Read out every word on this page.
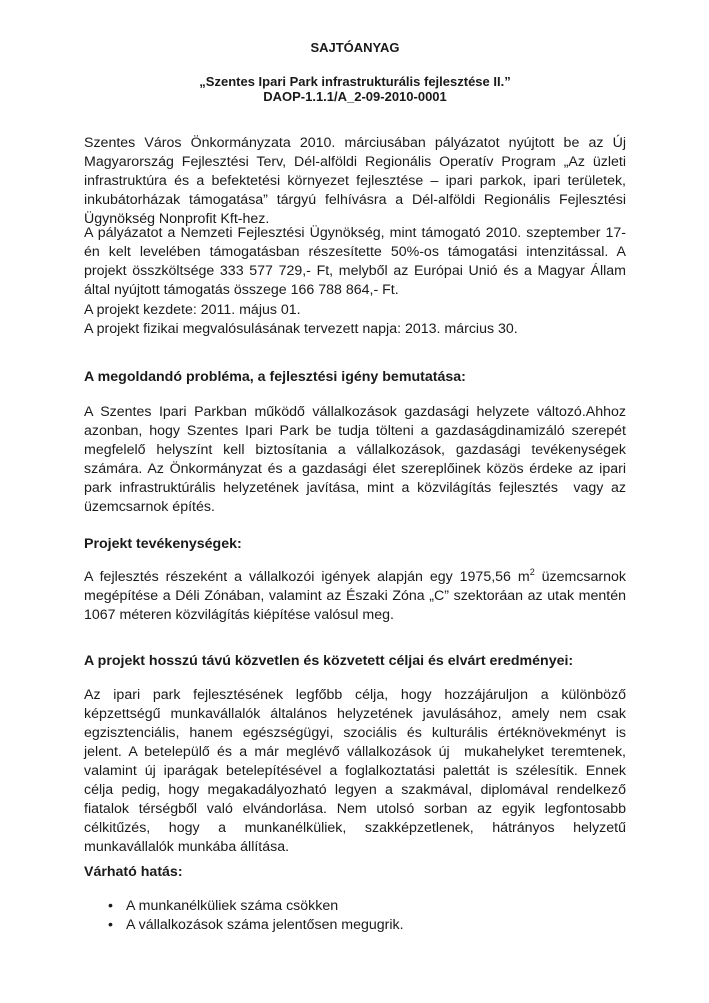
SAJTÓANYAG
„Szentes Ipari Park infrastrukturális fejlesztése II.”
DAOP-1.1.1/A_2-09-2010-0001
Szentes Város Önkormányzata 2010. márciusában pályázatot nyújtott be az Új
Magyarország Fejlesztési Terv, Dél-alföldi Regionális Operatív Program „Az üzleti
infrastruktúra és a befektetési környezet fejlesztése – ipari parkok, ipari területek,
inkubátorházak támogatása” tárgyú felhívásra a Dél-alföldi Regionális Fejlesztési
Ügynökség Nonprofit Kft-hez.
A pályázatot a Nemzeti Fejlesztési Ügynökség, mint támogató 2010. szeptember 17-
én kelt levelében támogatásban részesítette 50%-os támogatási intenzitással. A
projekt összköltsége 333 577 729,- Ft, melyből az Európai Unió és a Magyar Állam
által nyújtott támogatás összege 166 788 864,- Ft.
A projekt kezdete: 2011. május 01.
A projekt fizikai megvalósulásának tervezett napja: 2013. március 30.
A megoldandó probléma, a fejlesztési igény bemutatása:
A Szentes Ipari Parkban működő vállalkozások gazdasági helyzete változó.Ahhoz
azonban, hogy Szentes Ipari Park be tudja tölteni a gazdaságdinamizáló szerepét
megfelelő helyszínt kell biztosítania a vállalkozások, gazdasági tevékenységek
számára. Az Önkormányzat és a gazdasági élet szereplőinek közös érdeke az ipari
park infrastruktúrális helyzetének javítása, mint a közvilágítás fejlesztés  vagy az
üzemcsarnok építés.
Projekt tevékenységek:
A fejlesztés részeként a vállalkozói igények alapján egy 1975,56 $m^2$ üzemcsarnok
megépítése a Déli Zónában, valamint az Északi Zóna „C” szektoráan az utak mentén
1067 méteren közvilágítás kiépítése valósul meg.
A projekt hosszú távú közvetlen és közvetett céljai és elvárt eredményei:
Az ipari park fejlesztésének legfőbb célja, hogy hozzájáruljon a különböző
képzettségű munkavállalók általános helyzetének javulásához, amely nem csak
egzisztenciális, hanem egészségügyi, szociális és kulturális értéknövekményt is
jelent. A betelepülő és a már meglévő vállalkozások új  mukahelyket teremtenek,
valamint új iparágak betelepítésével a foglalkoztatási palettát is szélesítik. Ennek
célja pedig, hogy megakadályozható legyen a szakmával, diplomával rendelkező
fiatalok térségből való elvándorlása. Nem utolsó sorban az egyik legfontosabb
célkitűzés, hogy a munkanélküliek, szakképzetlenek, hátrányos helyzetű
munkavállalók munkába állítása.
Várható hatás:
• A munkanélküliek száma csökken
• A vállalkozások száma jelentősen megugrik.
